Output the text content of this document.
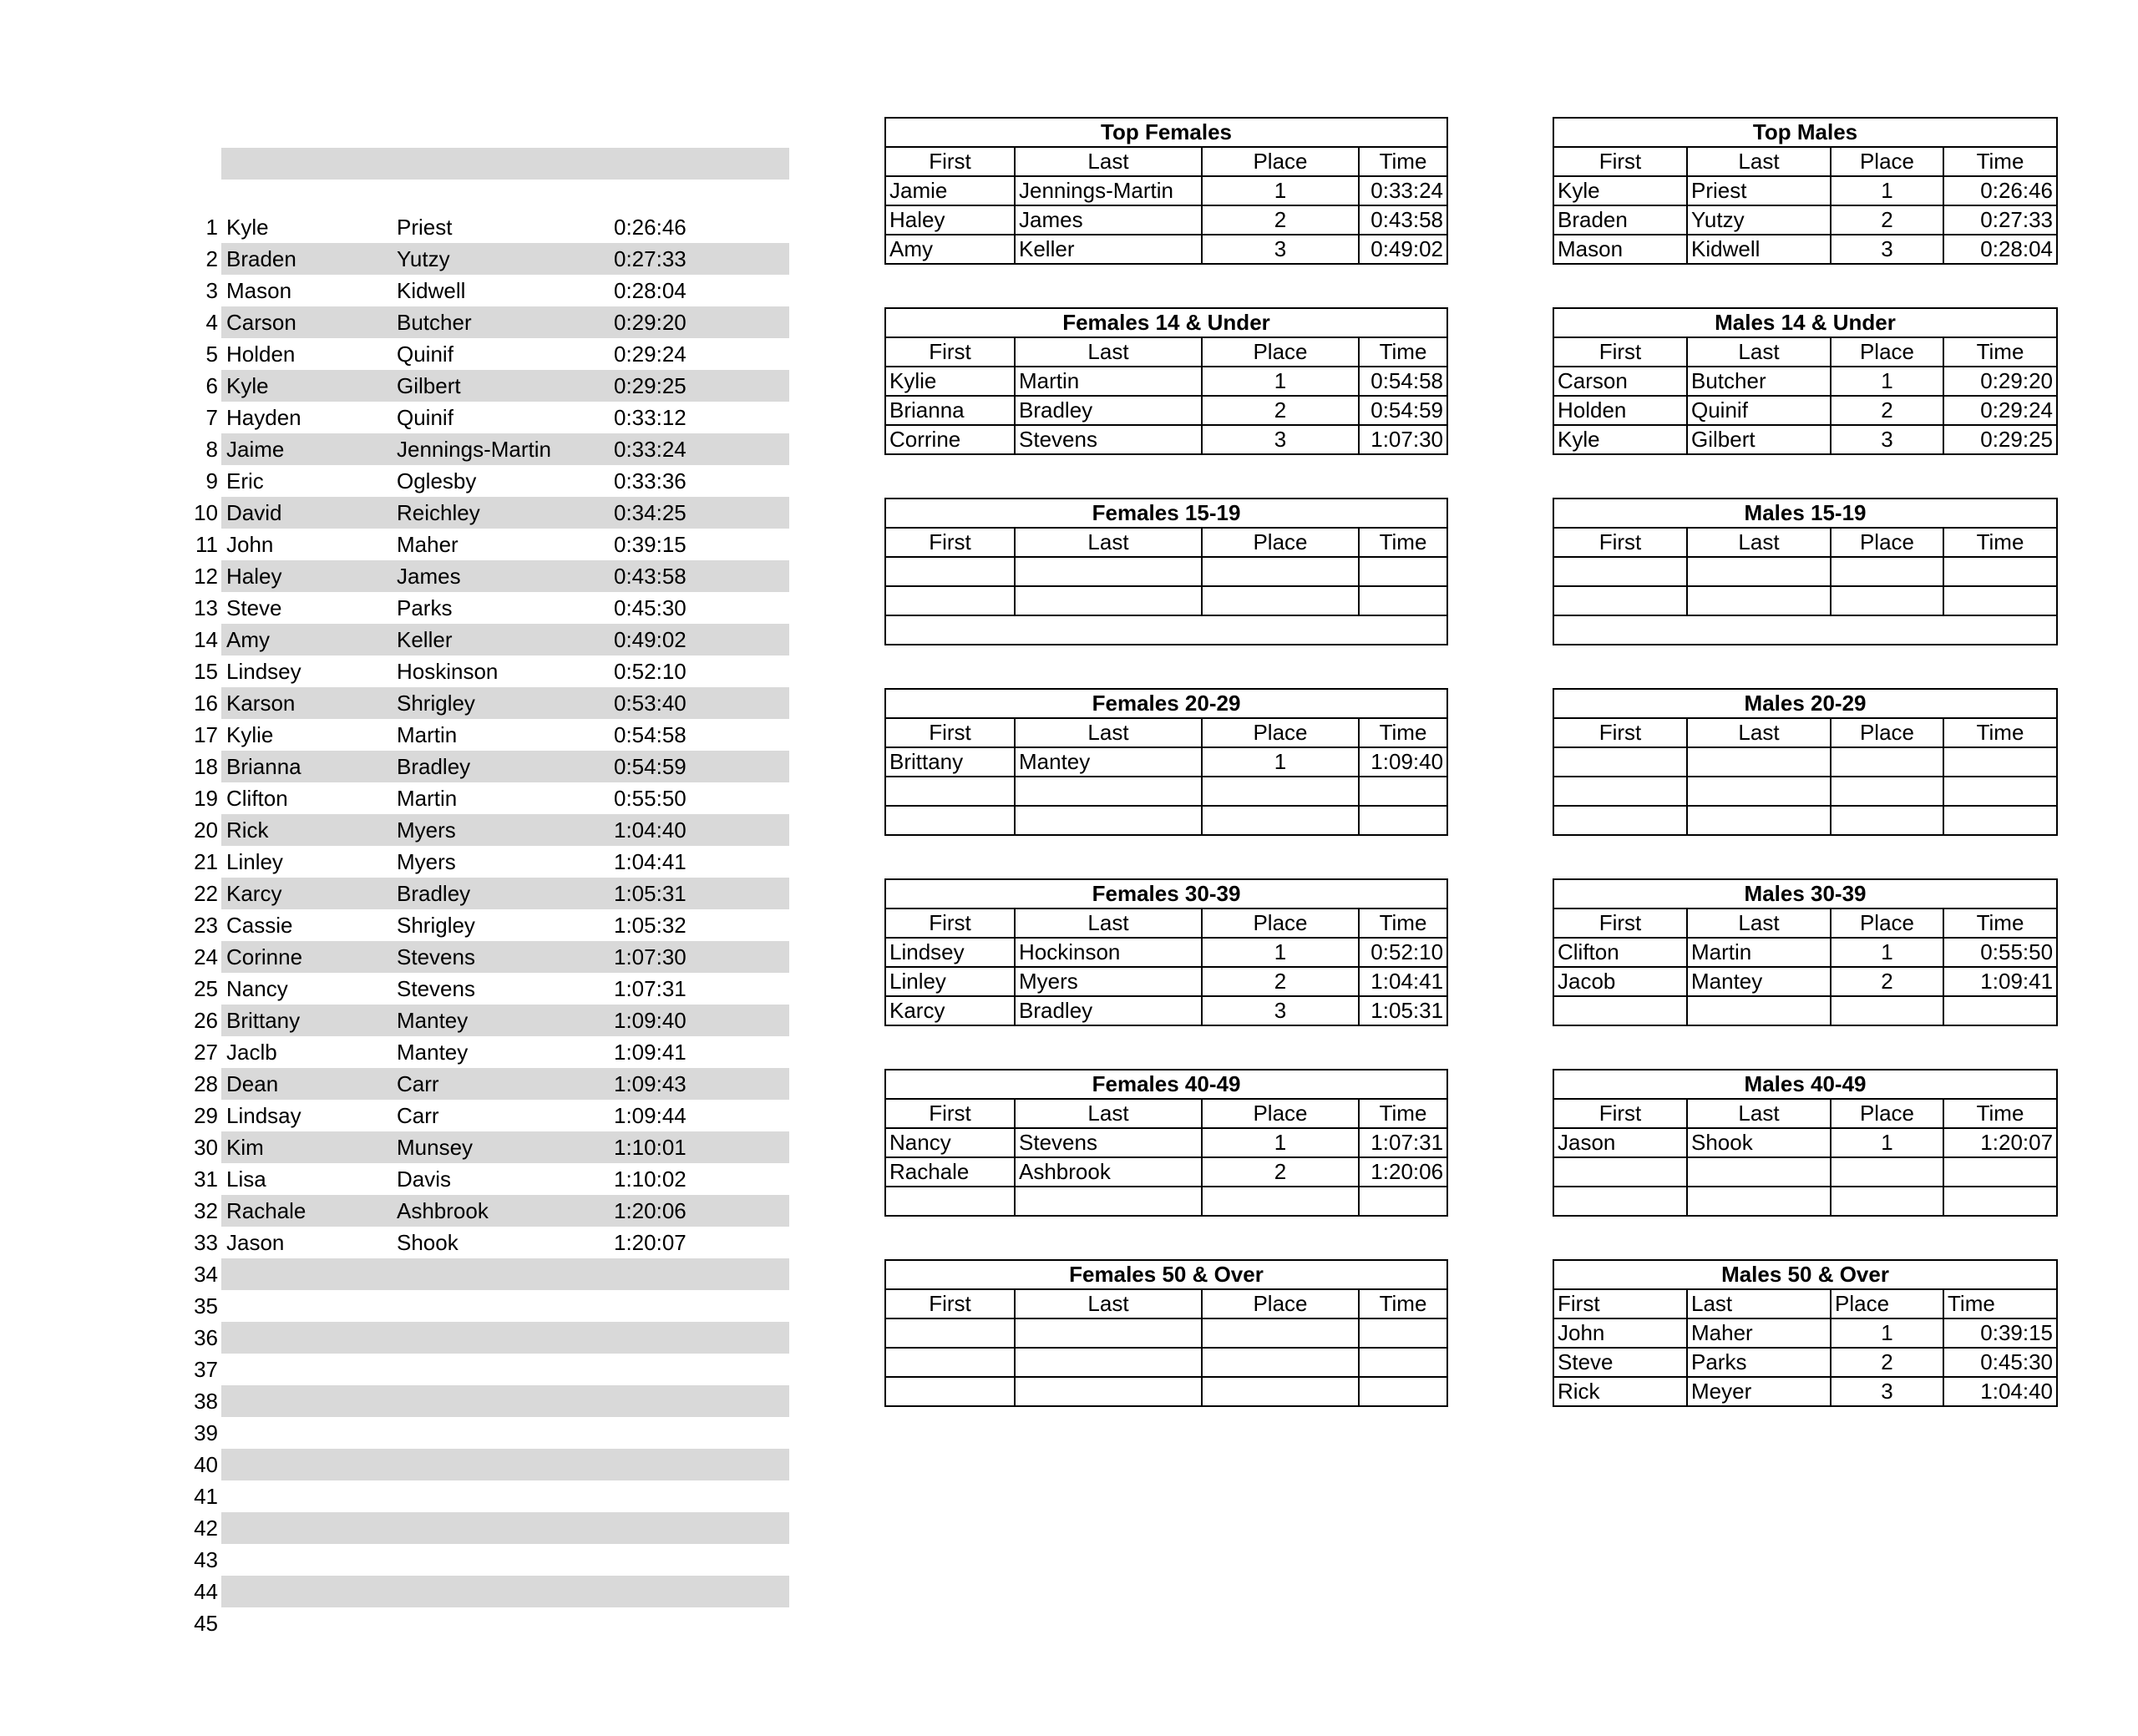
1 Kyle	Priest	0:26:46
2 Braden	Yutzy	0:27:33
3 Mason	Kidwell	0:28:04
4 Carson	Butcher	0:29:20
5 Holden	Quinif	0:29:24
6 Kyle	Gilbert	0:29:25
7 Hayden	Quinif	0:33:12
8 Jaime	Jennings-Martin	0:33:24
9 Eric	Oglesby	0:33:36
10 David	Reichley	0:34:25
11 John	Maher	0:39:15
12 Haley	James	0:43:58
13 Steve	Parks	0:45:30
14 Amy	Keller	0:49:02
15 Lindsey	Hoskinson	0:52:10
16 Karson	Shrigley	0:53:40
17 Kylie	Martin	0:54:58
18 Brianna	Bradley	0:54:59
19 Clifton	Martin	0:55:50
20 Rick	Myers	1:04:40
21 Linley	Myers	1:04:41
22 Karcy	Bradley	1:05:31
23 Cassie	Shrigley	1:05:32
24 Corinne	Stevens	1:07:30
25 Nancy	Stevens	1:07:31
26 Brittany	Mantey	1:09:40
27 Jaclb	Mantey	1:09:41
28 Dean	Carr	1:09:43
29 Lindsay	Carr	1:09:44
30 Kim	Munsey	1:10:01
31 Lisa	Davis	1:10:02
32 Rachale	Ashbrook	1:20:06
33 Jason	Shook	1:20:07
34
35
36
37
38
39
40
41
42
43
44
45
Top Females			
First	Last	Place	Time
Jamie	Jennings-Martin	1	0:33:24
Haley	James	2	0:43:58
Amy	Keller	3	0:49:02
Females 14 & Under			
First	Last	Place	Time
Kylie	Martin	1	0:54:58
Brianna	Bradley	2	0:54:59
Corrine	Stevens	3	1:07:30
Females 15-19			
First	Last	Place	Time

Females 20-29			
First	Last	Place	Time
Brittany	Mantey	1	1:09:40

Females 30-39			
First	Last	Place	Time
Lindsey	Hockinson	1	0:52:10
Linley	Myers	2	1:04:41
Karcy	Bradley	3	1:05:31
Females 40-49			
First	Last	Place	Time
Nancy	Stevens	1	1:07:31
Rachale	Ashbrook	2	1:20:06

Females 50 & Over			
First	Last	Place	Time

Top Males			
First	Last	Place	Time
Kyle	Priest	1	0:26:46
Braden	Yutzy	2	0:27:33
Mason	Kidwell	3	0:28:04
Males 14 & Under			
First	Last	Place	Time
Carson	Butcher	1	0:29:20
Holden	Quinif	2	0:29:24
Kyle	Gilbert	3	0:29:25
Males 15-19			
First	Last	Place	Time

Males 20-29			
First	Last	Place	Time

Males 30-39			
First	Last	Place	Time
Clifton	Martin	1	0:55:50
Jacob	Mantey	2	1:09:41

Males 40-49			
First	Last	Place	Time
Jason	Shook	1	1:20:07

Males 50 & Over			
First	Last	Place	Time
John	Maher	1	0:39:15
Steve	Parks	2	0:45:30
Rick	Meyer	3	1:04:40
